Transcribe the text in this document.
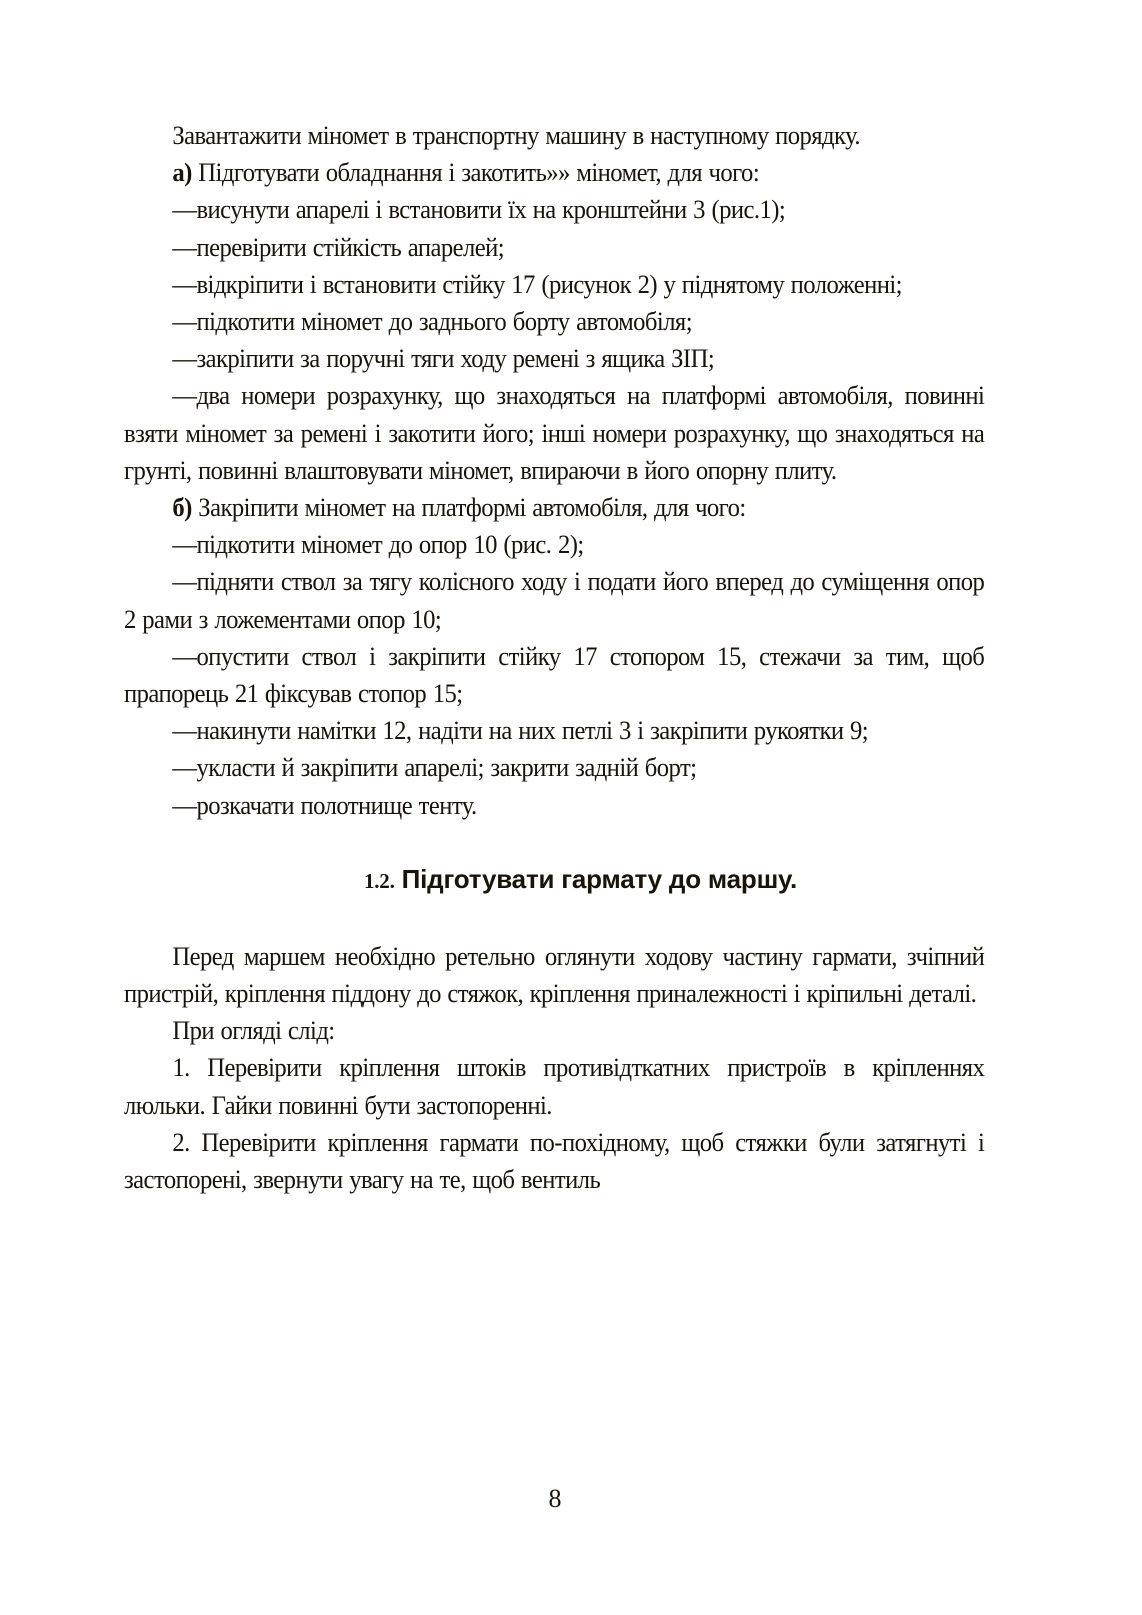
Завантажити міномет в транспортну машину в наступному порядку.

а) Підготувати обладнання і закотить»» міномет, для чого:

—висунути апарелі і встановити їх на кронштейни 3 (рис.1);

—перевірити стійкість апарелей;

—відкріпити і встановити стійку 17 (рисунок 2) у піднятому положенні;

—підкотити міномет до заднього борту автомобіля;

—закріпити за поручні тяги ходу ремені з ящика ЗІП;

—два номери розрахунку, що знаходяться на платформі автомобіля, повинні взяти міномет за ремені і закотити його; інші номери розрахунку, що знаходяться на грунті, повинні влаштовувати міномет, впираючи в його опорну плиту.

б) Закріпити міномет на платформі автомобіля, для чого:

—підкотити міномет до опор 10 (рис. 2);

—підняти ствол за тягу колісного ходу і подати його вперед до суміщення опор 2 рами з ложементами опор 10;

—опустити ствол і закріпити стійку 17 стопором 15, стежачи за тим, щоб прапорець 21 фіксував стопор 15;

—накинути намітки 12, надіти на них петлі 3 і закріпити рукоятки 9;

—укласти й закріпити апарелі; закрити задній борт;

—розкачати полотнище тенту.

1.2. Підготувати гармату до маршу.

Перед маршем необхідно ретельно оглянути ходову частину гармати, зчіпний пристрій, кріплення піддону до стяжок, кріплення приналежності і кріпильні деталі.

При огляді слід:

1. Перевірити кріплення штоків противідткатних пристроїв в кріпленнях люльки. Гайки повинні бути застопоренні.

2. Перевірити кріплення гармати по-похідному, щоб стяжки були затягнуті і застопорені, звернути увагу на те, щоб вентиль

8
